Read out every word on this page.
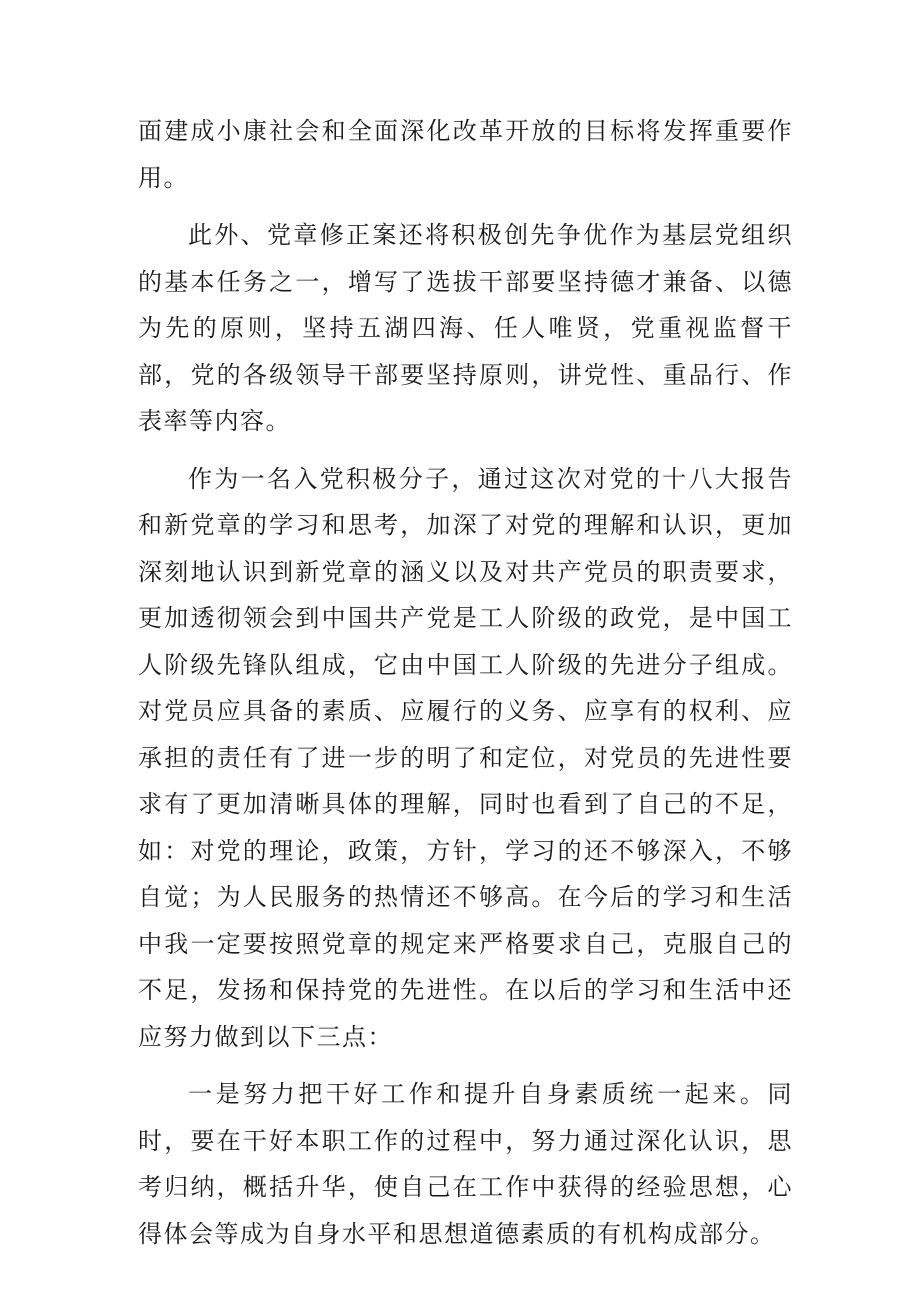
面建成小康社会和全面深化改革开放的目标将发挥重要作用。

此外、党章修正案还将积极创先争优作为基层党组织的基本任务之一，增写了选拔干部要坚持德才兼备、以德为先的原则，坚持五湖四海、任人唯贤，党重视监督干部，党的各级领导干部要坚持原则，讲党性、重品行、作表率等内容。

作为一名入党积极分子，通过这次对党的十八大报告和新党章的学习和思考，加深了对党的理解和认识，更加深刻地认识到新党章的涵义以及对共产党员的职责要求，更加透彻领会到中国共产党是工人阶级的政党，是中国工人阶级先锋队组成，它由中国工人阶级的先进分子组成。对党员应具备的素质、应履行的义务、应享有的权利、应承担的责任有了进一步的明了和定位，对党员的先进性要求有了更加清晰具体的理解，同时也看到了自己的不足，如：对党的理论，政策，方针，学习的还不够深入，不够自觉；为人民服务的热情还不够高。在今后的学习和生活中我一定要按照党章的规定来严格要求自己，克服自己的不足，发扬和保持党的先进性。在以后的学习和生活中还应努力做到以下三点：

一是努力把干好工作和提升自身素质统一起来。同时，要在干好本职工作的过程中，努力通过深化认识，思考归纳，概括升华，使自己在工作中获得的经验思想，心得体会等成为自身水平和思想道德素质的有机构成部分。
